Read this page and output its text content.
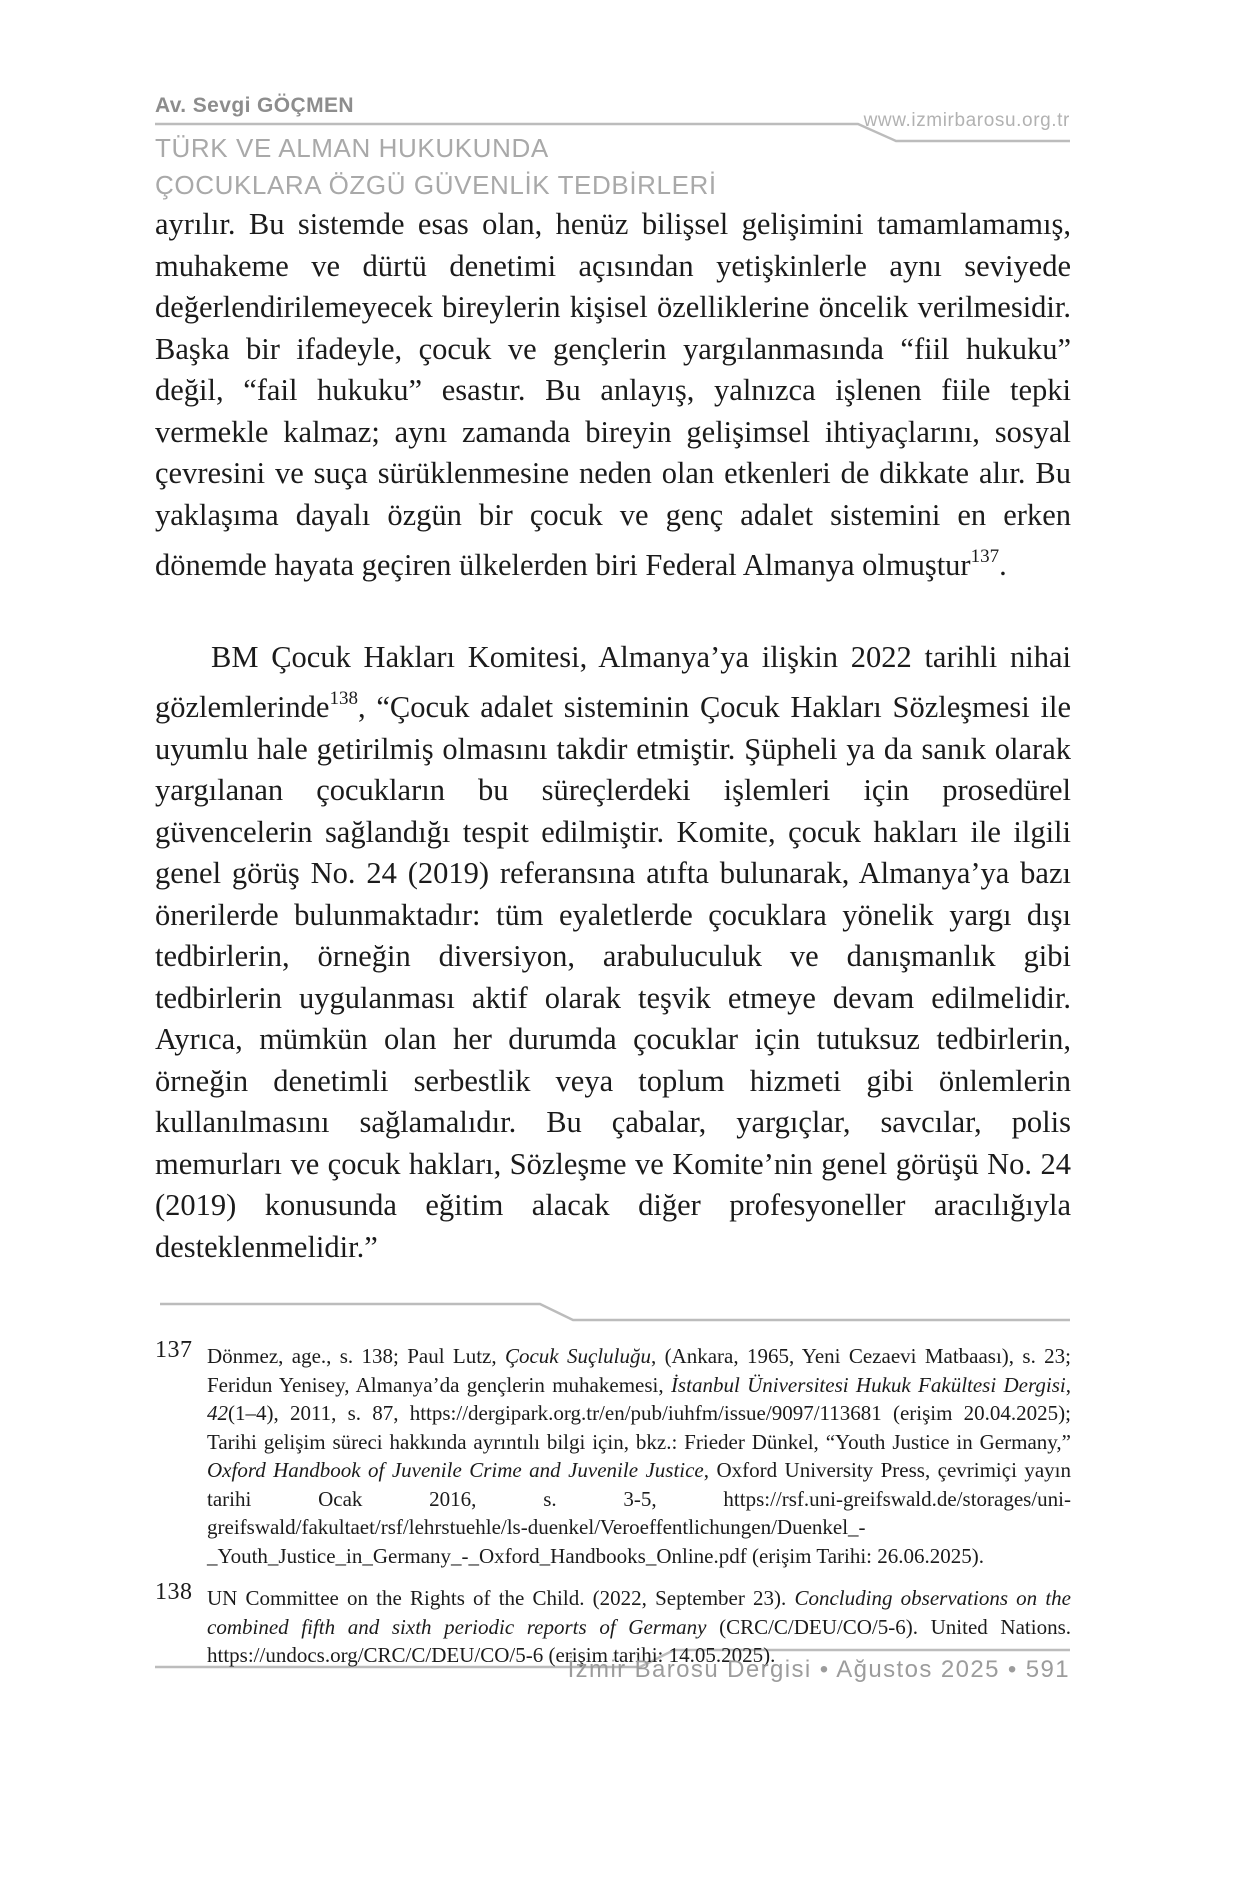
Av. Sevgi GÖÇMEN
www.izmirbarosu.org.tr
TÜRK VE ALMAN HUKUKUNDA
ÇOCUKLARA ÖZGÜ GÜVENLİK TEDBİRLERİ

ayrılır. Bu sistemde esas olan, henüz bilişsel gelişimini tamamlamamış, muhakeme ve dürtü denetimi açısından yetişkinlerle aynı seviyede değerlendirilemeyecek bireylerin kişisel özelliklerine öncelik verilmesidir. Başka bir ifadeyle, çocuk ve gençlerin yargılanmasında “fiil hukuku” değil, “fail hukuku” esastır. Bu anlayış, yalnızca işlenen fiile tepki vermekle kalmaz; aynı zamanda bireyin gelişimsel ihtiyaçlarını, sosyal çevresini ve suça sürüklenmesine neden olan etkenleri de dikkate alır. Bu yaklaşıma dayalı özgün bir çocuk ve genç adalet sistemini en erken dönemde hayata geçiren ülkelerden biri Federal Almanya olmuştur$^{137}$.

BM Çocuk Hakları Komitesi, Almanya’ya ilişkin 2022 tarihli nihai gözlemlerinde$^{138}$, “Çocuk adalet sisteminin Çocuk Hakları Sözleşmesi ile uyumlu hale getirilmiş olmasını takdir etmiştir. Şüpheli ya da sanık olarak yargılanan çocukların bu süreçlerdeki işlemleri için prosedürel güvencelerin sağlandığı tespit edilmiştir. Komite, çocuk hakları ile ilgili genel görüş No. 24 (2019) referansına atıfta bulunarak, Almanya’ya bazı önerilerde bulunmaktadır: tüm eyaletlerde çocuklara yönelik yargı dışı tedbirlerin, örneğin diversiyon, arabuluculuk ve danışmanlık gibi tedbirlerin uygulanması aktif olarak teşvik etmeye devam edilmelidir. Ayrıca, mümkün olan her durumda çocuklar için tutuksuz tedbirlerin, örneğin denetimli serbestlik veya toplum hizmeti gibi önlemlerin kullanılmasını sağlamalıdır. Bu çabalar, yargıçlar, savcılar, polis memurları ve çocuk hakları, Sözleşme ve Komite’nin genel görüşü No. 24 (2019) konusunda eğitim alacak diğer profesyoneller aracılığıyla desteklenmelidir.”

137 Dönmez, age., s. 138; Paul Lutz, Çocuk Suçluluğu, (Ankara, 1965, Yeni Cezaevi Matbaası), s. 23; Feridun Yenisey, Almanya’da gençlerin muhakemesi, İstanbul Üniversitesi Hukuk Fakültesi Dergisi, 42(1–4), 2011, s. 87, https://dergipark.org.tr/en/pub/iuhfm/issue/9097/113681 (erişim 20.04.2025); Tarihi gelişim süreci hakkında ayrıntılı bilgi için, bkz.: Frieder Dünkel, “Youth Justice in Germany,” Oxford Handbook of Juvenile Crime and Juvenile Justice, Oxford University Press, çevrimiçi yayın tarihi Ocak 2016, s. 3-5, https://rsf.uni-greifswald.de/storages/uni-greifswald/fakultaet/rsf/lehrstuehle/ls-duenkel/Veroeffentlichungen/Duenkel_-_Youth_Justice_in_Germany_-_Oxford_Handbooks_Online.pdf (erişim Tarihi: 26.06.2025).

138 UN Committee on the Rights of the Child. (2022, September 23). Concluding observations on the combined fifth and sixth periodic reports of Germany (CRC/C/DEU/CO/5-6). United Nations. https://undocs.org/CRC/C/DEU/CO/5-6 (erişim tarihi: 14.05.2025).

İzmir Barosu Dergisi • Ağustos 2025 • 591
